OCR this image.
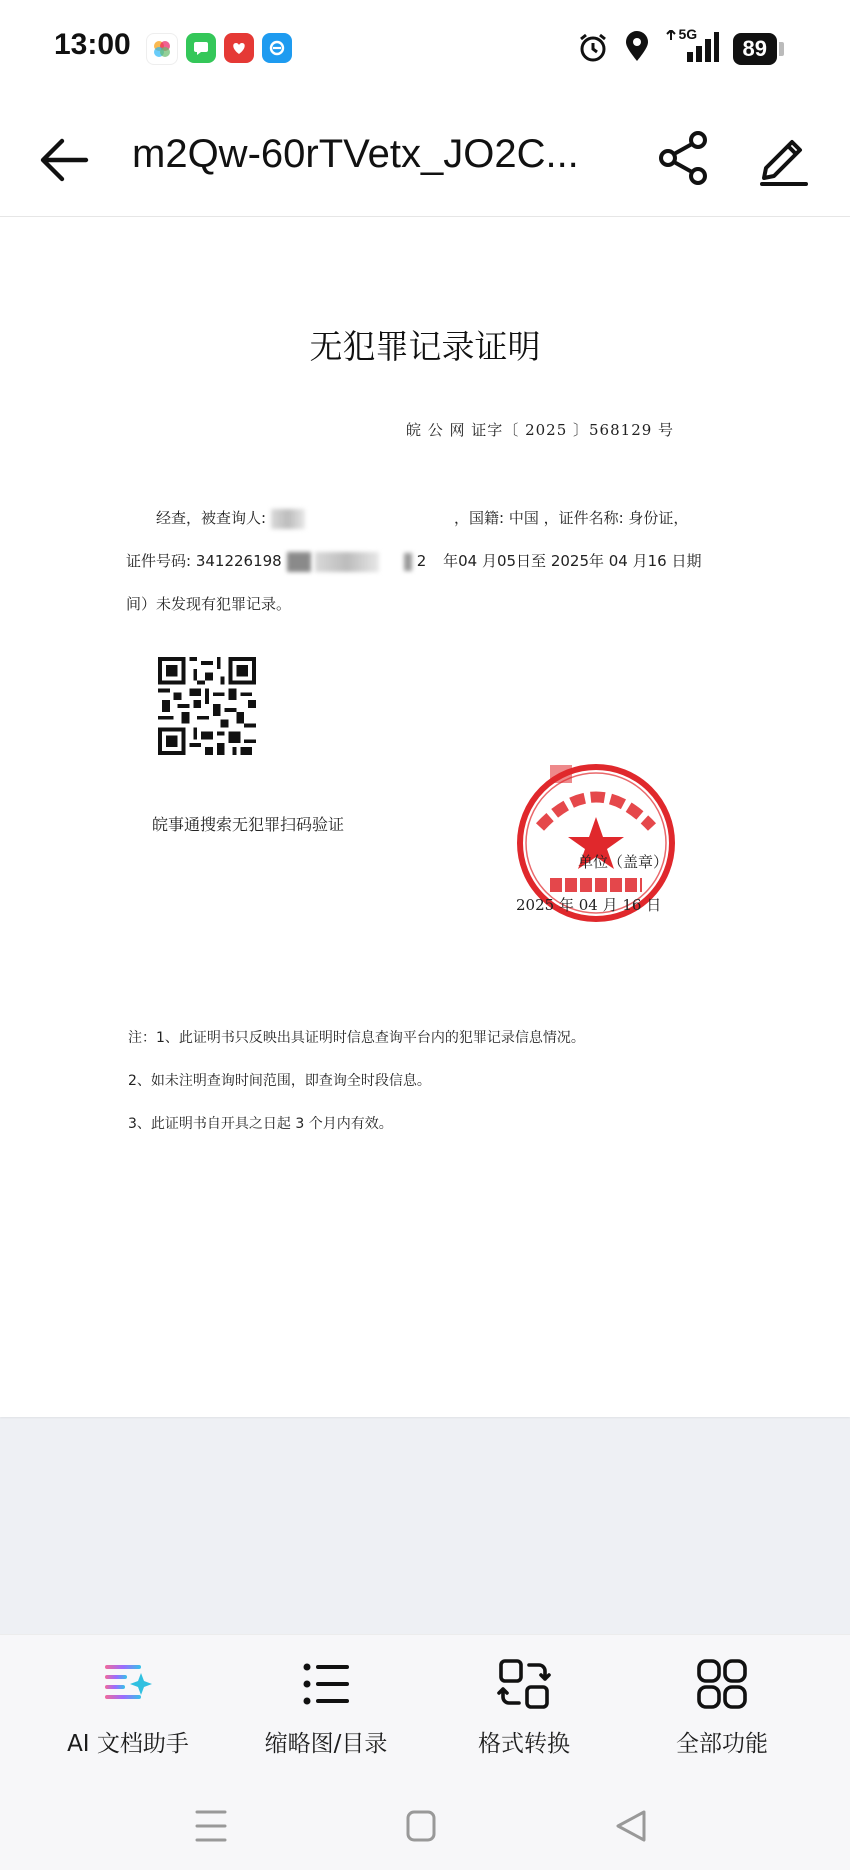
13:00	5G
89
m2Qw-60rTVetx_JO2C...
无犯罪记录证明
皖 公 网 证字〔 2025 〕568129 号
经查，被查询人:	，国籍: 中国 ，证件名称: 身份证，
证件号码: 341226198	2 年04 月05日至 2025年 04 月16 日期
间）未发现有犯罪记录。
皖事通搜索无犯罪扫码验证
单位（盖章）
2025 年 04 月 16 日
注：1、此证明书只反映出具证明时信息查询平台内的犯罪记录信息情况。
2、如未注明查询时间范围，即查询全时段信息。
3、此证明书自开具之日起 3 个月内有效。
AI 文档助手	缩略图/目录	格式转换	全部功能
